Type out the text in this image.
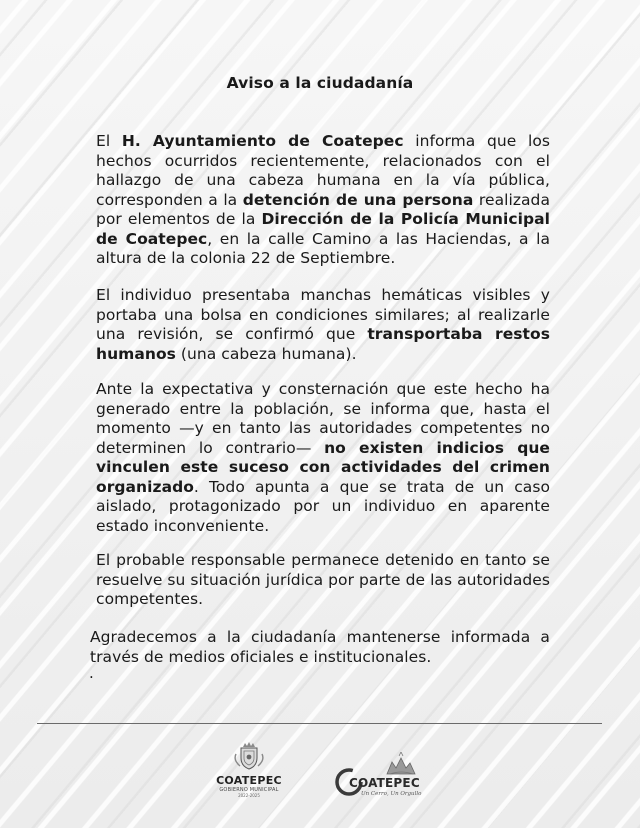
Aviso a la ciudadanía

El H. Ayuntamiento de Coatepec informa que los hechos ocurridos recientemente, relacionados con el hallazgo de una cabeza humana en la vía pública, corresponden a la detención de una persona realizada por elementos de la Dirección de la Policía Municipal de Coatepec, en la calle Camino a las Haciendas, a la altura de la colonia 22 de Septiembre.

El individuo presentaba manchas hemáticas visibles y portaba una bolsa en condiciones similares; al realizarle una revisión, se confirmó que transportaba restos humanos (una cabeza humana).

Ante la expectativa y consternación que este hecho ha generado entre la población, se informa que, hasta el momento —y en tanto las autoridades competentes no determinen lo contrario— no existen indicios que vinculen este suceso con actividades del crimen organizado. Todo apunta a que se trata de un caso aislado, protagonizado por un individuo en aparente estado inconveniente.

El probable responsable permanece detenido en tanto se resuelve su situación jurídica por parte de las autoridades competentes.

Agradecemos a la ciudadanía mantenerse informada a través de medios oficiales e institucionales.

.
COATEPEC
GOBIERNO MUNICIPAL
2022-2025
COATEPEC
Un Cerro, Un Orgullo
